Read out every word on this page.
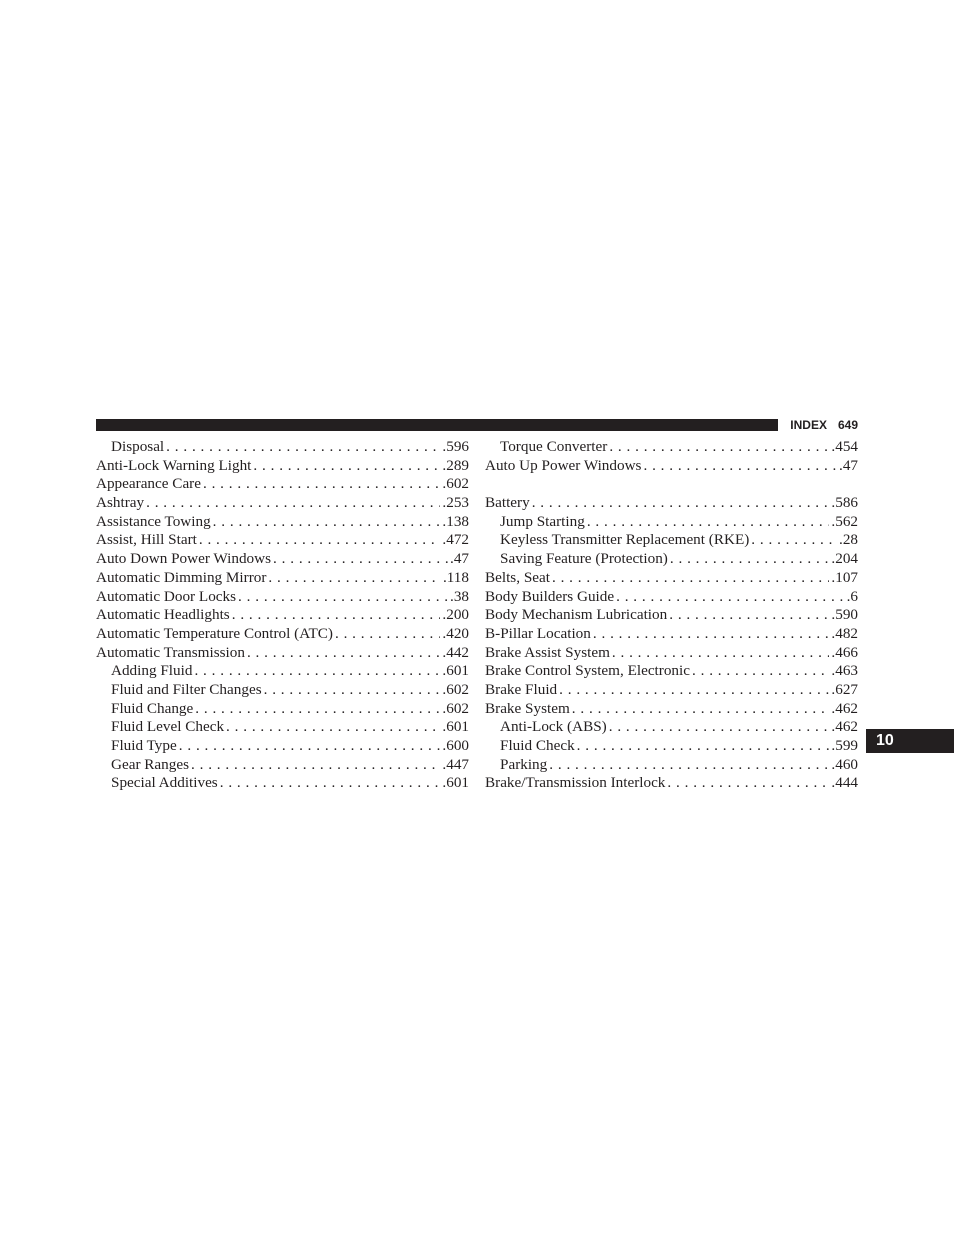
INDEX 649
Disposal . . .	.596
Anti-Lock Warning Light . . .	.289
Appearance Care . . .	.602
Ashtray . . .	.253
Assistance Towing . . .	.138
Assist, Hill Start . . .	.472
Auto Down Power Windows . . .	.47
Automatic Dimming Mirror . . .	.118
Automatic Door Locks . . .	.38
Automatic Headlights . . .	.200
Automatic Temperature Control (ATC) . . .	.420
Automatic Transmission . . .	.442
Adding Fluid . . .	.601
Fluid and Filter Changes . . .	.602
Fluid Change . . .	.602
Fluid Level Check . . .	.601
Fluid Type . . .	.600
Gear Ranges . . .	.447
Special Additives . . .	.601
Torque Converter . . .	.454
Auto Up Power Windows . . .	.47
Battery . . .	.586
Jump Starting . . .	.562
Keyless Transmitter Replacement (RKE) . . .	.28
Saving Feature (Protection) . . .	.204
Belts, Seat . . .	.107
Body Builders Guide . . .	.6
Body Mechanism Lubrication . . .	.590
B-Pillar Location . . .	.482
Brake Assist System . . .	.466
Brake Control System, Electronic . . .	.463
Brake Fluid . . .	.627
Brake System . . .	.462
Anti-Lock (ABS) . . .	.462
Fluid Check . . .	.599
Parking . . .	.460
Brake/Transmission Interlock . . .	.444
10
